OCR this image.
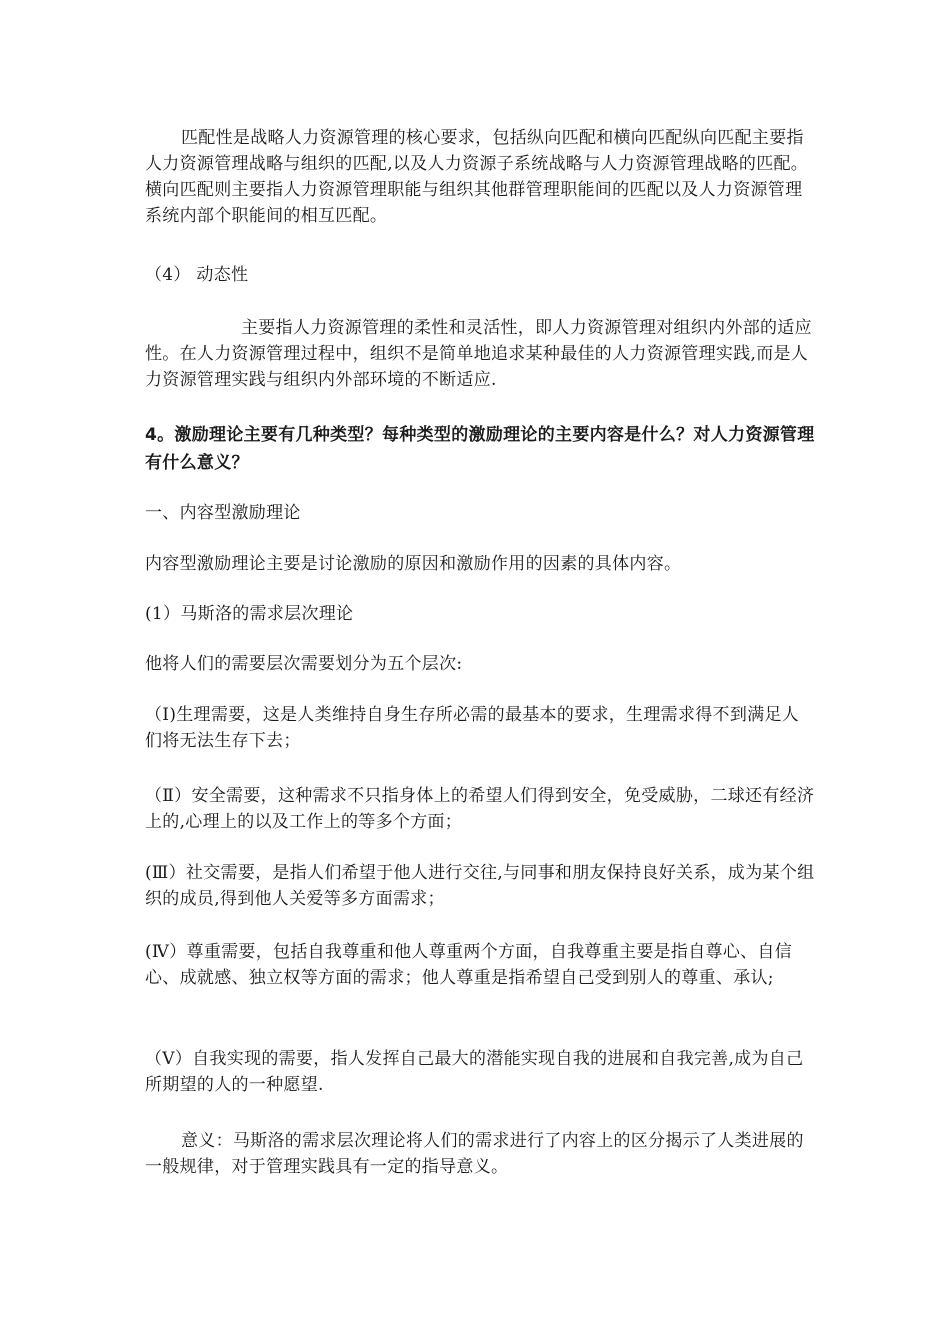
匹配性是战略人力资源管理的核心要求，包括纵向匹配和横向匹配纵向匹配主要指人力资源管理战略与组织的匹配,以及人力资源子系统战略与人力资源管理战略的匹配。横向匹配则主要指人力资源管理职能与组织其他群管理职能间的匹配以及人力资源管理系统内部个职能间的相互匹配。

（4） 动态性

主要指人力资源管理的柔性和灵活性，即人力资源管理对组织内外部的适应性。在人力资源管理过程中，组织不是简单地追求某种最佳的人力资源管理实践,而是人力资源管理实践与组织内外部环境的不断适应.

4。激励理论主要有几种类型？每种类型的激励理论的主要内容是什么？对人力资源管理有什么意义？

一、内容型激励理论

内容型激励理论主要是讨论激励的原因和激励作用的因素的具体内容。

(1）马斯洛的需求层次理论

他将人们的需要层次需要划分为五个层次:

（Ⅰ)生理需要，这是人类维持自身生存所必需的最基本的要求，生理需求得不到满足人们将无法生存下去；

（Ⅱ）安全需要，这种需求不只指身体上的希望人们得到安全，免受威胁，二球还有经济上的,心理上的以及工作上的等多个方面；

(Ⅲ）社交需要，是指人们希望于他人进行交往,与同事和朋友保持良好关系，成为某个组织的成员,得到他人关爱等多方面需求；

(Ⅳ）尊重需要，包括自我尊重和他人尊重两个方面，自我尊重主要是指自尊心、自信心、成就感、独立权等方面的需求；他人尊重是指希望自己受到别人的尊重、承认;

（Ⅴ）自我实现的需要，指人发挥自己最大的潜能实现自我的进展和自我完善,成为自己所期望的人的一种愿望.

意义：马斯洛的需求层次理论将人们的需求进行了内容上的区分揭示了人类进展的一般规律，对于管理实践具有一定的指导意义。
